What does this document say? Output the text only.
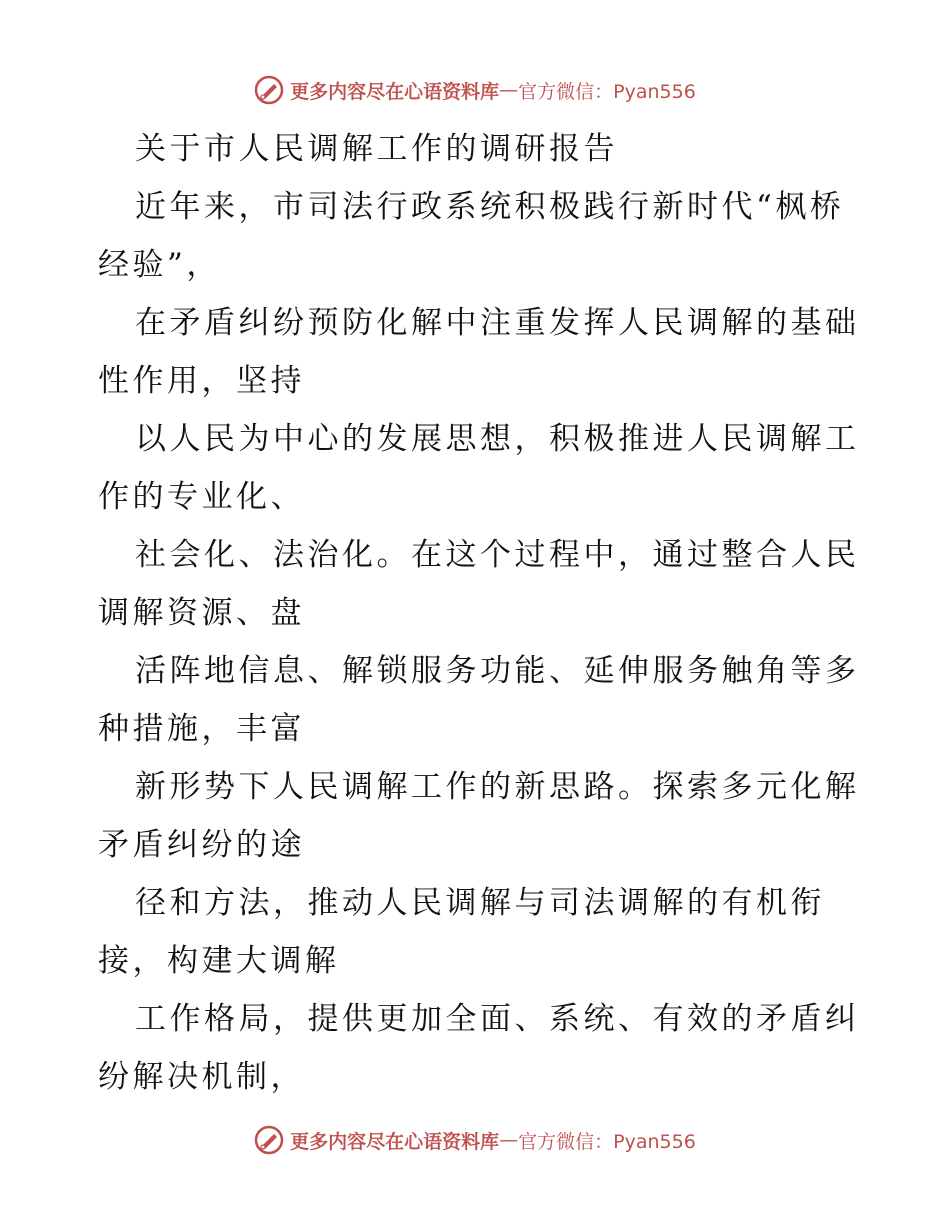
更多内容尽在心语资料库 — 官方微信：Pyan556
关于市人民调解工作的调研报告
近年来，市司法行政系统积极践行新时代“枫桥
经验”，
在矛盾纠纷预防化解中注重发挥人民调解的基础
性作用，坚持
以人民为中心的发展思想，积极推进人民调解工
作的专业化、
社会化、法治化。在这个过程中，通过整合人民
调解资源、盘
活阵地信息、解锁服务功能、延伸服务触角等多
种措施，丰富
新形势下人民调解工作的新思路。探索多元化解
矛盾纠纷的途
径和方法，推动人民调解与司法调解的有机衔
接，构建大调解
工作格局，提供更加全面、系统、有效的矛盾纠
纷解决机制，
更多内容尽在心语资料库 — 官方微信：Pyan556
